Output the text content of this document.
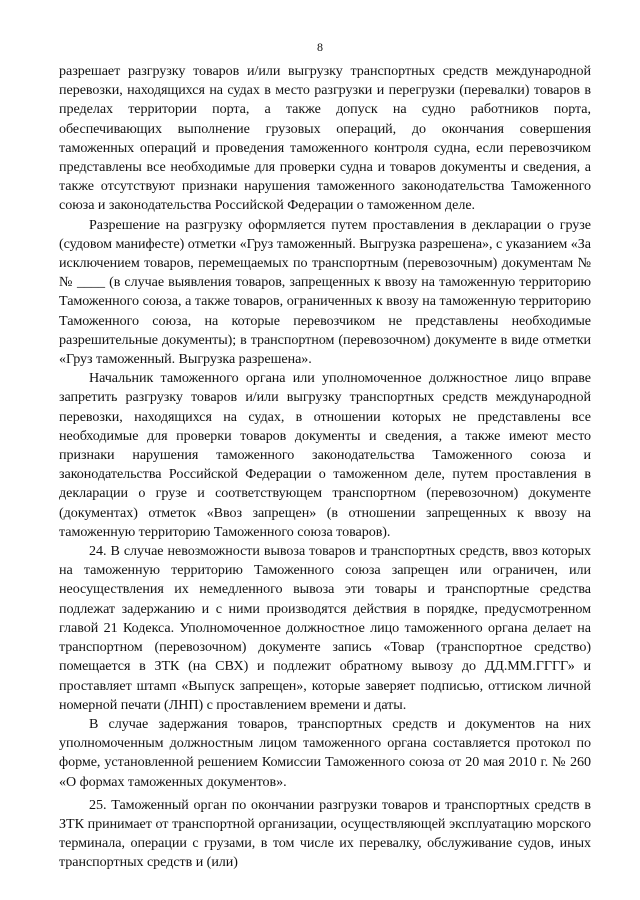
8

разрешает разгрузку товаров и/или выгрузку транспортных средств международной перевозки, находящихся на судах в место разгрузки и перегрузки (перевалки) товаров в пределах территории порта, а также допуск на судно работников порта, обеспечивающих выполнение грузовых операций, до окончания совершения таможенных операций и проведения таможенного контроля судна, если перевозчиком представлены все необходимые для проверки судна и товаров документы и сведения, а также отсутствуют признаки нарушения таможенного законодательства Таможенного союза и законодательства Российской Федерации о таможенном деле.

Разрешение на разгрузку оформляется путем проставления в декларации о грузе (судовом манифесте) отметки «Груз таможенный. Выгрузка разрешена», с указанием «За исключением товаров, перемещаемых по транспортным (перевозочным) документам №№ ____ (в случае выявления товаров, запрещенных к ввозу на таможенную территорию Таможенного союза, а также товаров, ограниченных к ввозу на таможенную территорию Таможенного союза, на которые перевозчиком не представлены необходимые разрешительные документы); в транспортном (перевозочном) документе в виде отметки «Груз таможенный. Выгрузка разрешена».

Начальник таможенного органа или уполномоченное должностное лицо вправе запретить разгрузку товаров и/или выгрузку транспортных средств международной перевозки, находящихся на судах, в отношении которых не представлены все необходимые для проверки товаров документы и сведения, а также имеют место признаки нарушения таможенного законодательства Таможенного союза и законодательства Российской Федерации о таможенном деле, путем проставления в декларации о грузе и соответствующем транспортном (перевозочном) документе (документах) отметок «Ввоз запрещен» (в отношении запрещенных к ввозу на таможенную территорию Таможенного союза товаров).

24. В случае невозможности вывоза товаров и транспортных средств, ввоз которых на таможенную территорию Таможенного союза запрещен или ограничен, или неосуществления их немедленного вывоза эти товары и транспортные средства подлежат задержанию и с ними производятся действия в порядке, предусмотренном главой 21 Кодекса. Уполномоченное должностное лицо таможенного органа делает на транспортном (перевозочном) документе запись «Товар (транспортное средство) помещается в ЗТК (на СВХ) и подлежит обратному вывозу до ДД.ММ.ГГГГ» и проставляет штамп «Выпуск запрещен», которые заверяет подписью, оттиском личной номерной печати (ЛНП) с проставлением времени и даты.

В случае задержания товаров, транспортных средств и документов на них уполномоченным должностным лицом таможенного органа составляется протокол по форме, установленной решением Комиссии Таможенного союза от 20 мая 2010 г. № 260 «О формах таможенных документов».

25. Таможенный орган по окончании разгрузки товаров и транспортных средств в ЗТК принимает от транспортной организации, осуществляющей эксплуатацию морского терминала, операции с грузами, в том числе их перевалку, обслуживание судов, иных транспортных средств и (или)
